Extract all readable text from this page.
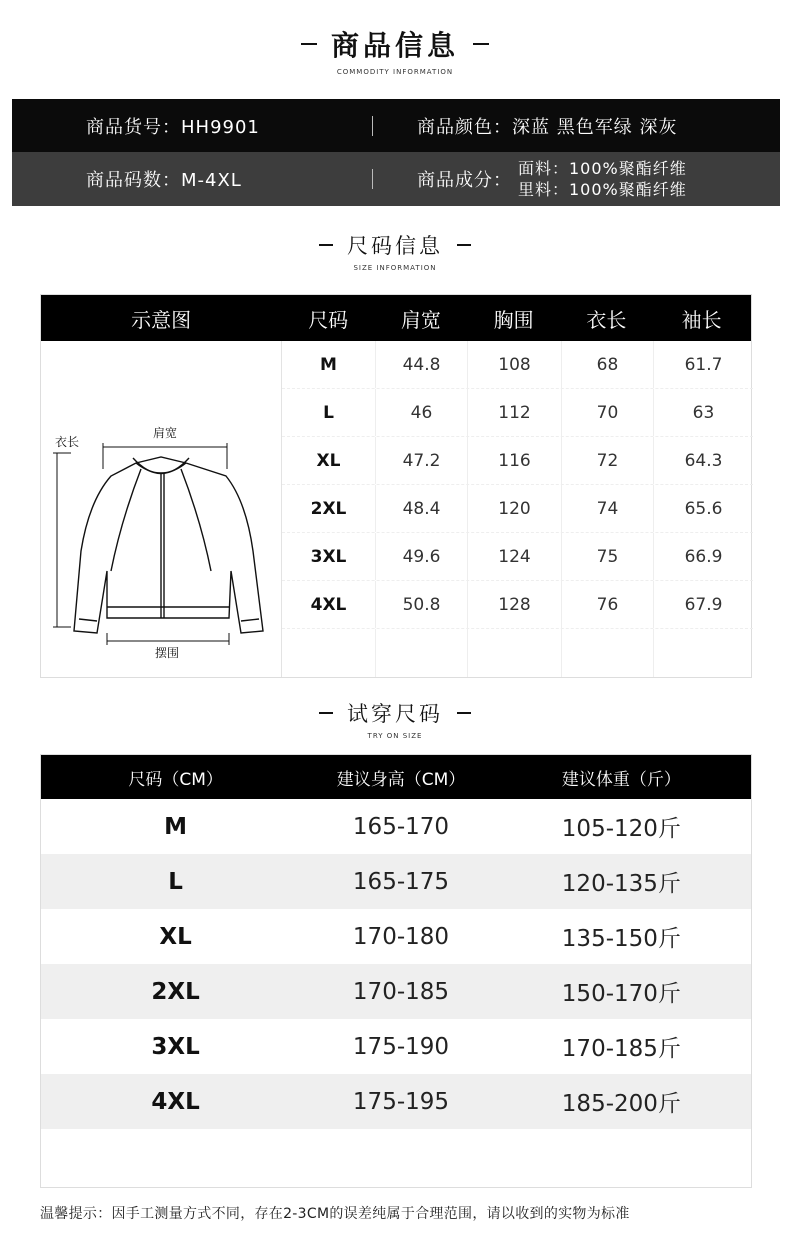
商品信息
COMMODITY INFORMATION
商品货号：HH9901	商品颜色：深蓝 黑色军绿 深灰
商品码数：M-4XL	商品成分：
面料：100%聚酯纤维
里料：100%聚酯纤维
尺码信息
SIZE INFORMATION
示意图	尺码	肩宽	胸围	衣长	袖长
肩宽
衣长
摆围
M	44.8	108	68	61.7
L	46	112	70	63
XL	47.2	116	72	64.3
2XL	48.4	120	74	65.6
3XL	49.6	124	75	66.9
4XL	50.8	128	76	67.9
试穿尺码
TRY ON SIZE
尺码（CM）	建议身高（CM）	建议体重（斤）
M	165-170	105-120斤
L	165-175	120-135斤
XL	170-180	135-150斤
2XL	170-185	150-170斤
3XL	175-190	170-185斤
4XL	175-195	185-200斤
温馨提示：因手工测量方式不同，存在2-3CM的误差纯属于合理范围，请以收到的实物为标准
